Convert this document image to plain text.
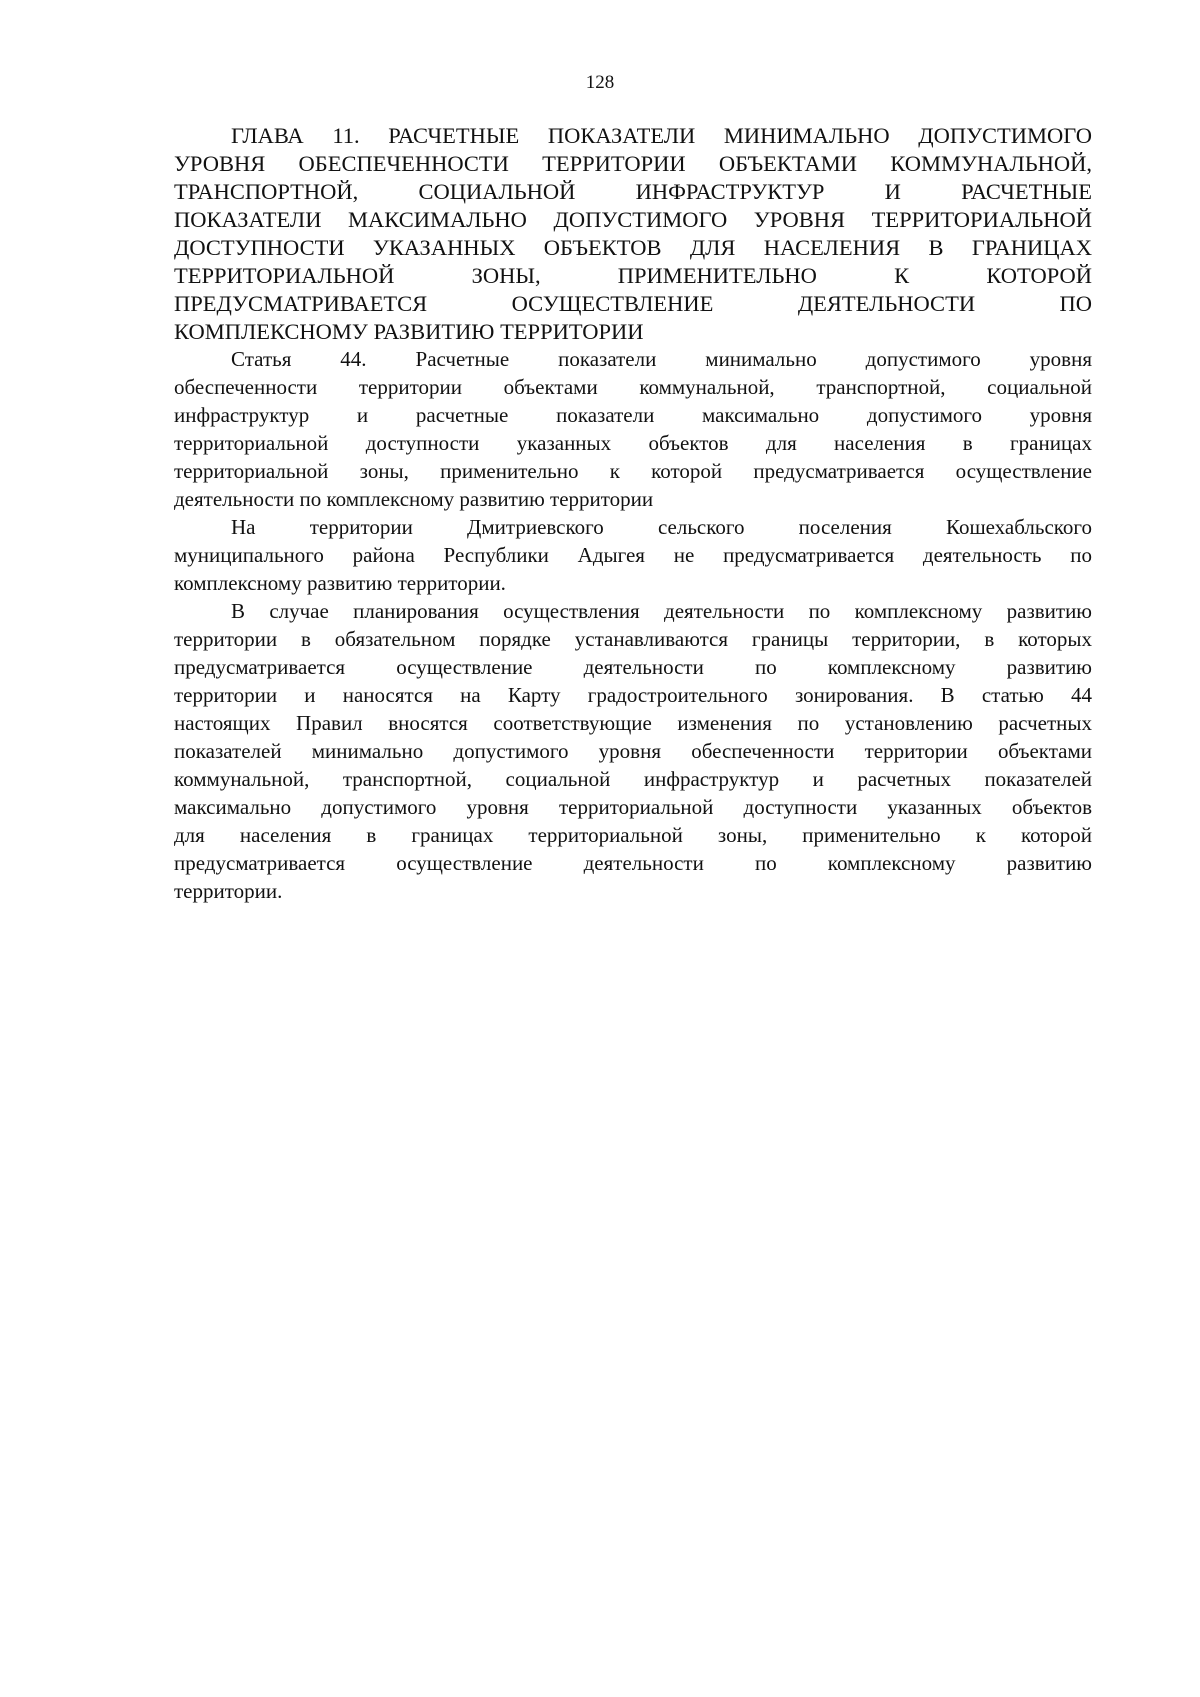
128
ГЛАВА 11. РАСЧЕТНЫЕ ПОКАЗАТЕЛИ МИНИМАЛЬНО ДОПУСТИМОГО
УРОВНЯ ОБЕСПЕЧЕННОСТИ ТЕРРИТОРИИ ОБЪЕКТАМИ КОММУНАЛЬНОЙ,
ТРАНСПОРТНОЙ, СОЦИАЛЬНОЙ ИНФРАСТРУКТУР И РАСЧЕТНЫЕ
ПОКАЗАТЕЛИ МАКСИМАЛЬНО ДОПУСТИМОГО УРОВНЯ ТЕРРИТОРИАЛЬНОЙ
ДОСТУПНОСТИ УКАЗАННЫХ ОБЪЕКТОВ ДЛЯ НАСЕЛЕНИЯ В ГРАНИЦАХ
ТЕРРИТОРИАЛЬНОЙ ЗОНЫ, ПРИМЕНИТЕЛЬНО К КОТОРОЙ
ПРЕДУСМАТРИВАЕТСЯ ОСУЩЕСТВЛЕНИЕ ДЕЯТЕЛЬНОСТИ ПО
КОМПЛЕКСНОМУ РАЗВИТИЮ ТЕРРИТОРИИ
Статья 44. Расчетные показатели минимально допустимого уровня
обеспеченности территории объектами коммунальной, транспортной, социальной
инфраструктур и расчетные показатели максимально допустимого уровня
территориальной доступности указанных объектов для населения в границах
территориальной зоны, применительно к которой предусматривается осуществление
деятельности по комплексному развитию территории
На территории Дмитриевского сельского поселения Кошехабльского
муниципального района Республики Адыгея не предусматривается деятельность по
комплексному развитию территории.
В случае планирования осуществления деятельности по комплексному развитию
территории в обязательном порядке устанавливаются границы территории, в которых
предусматривается осуществление деятельности по комплексному развитию
территории и наносятся на Карту градостроительного зонирования. В статью 44
настоящих Правил вносятся соответствующие изменения по установлению расчетных
показателей минимально допустимого уровня обеспеченности территории объектами
коммунальной, транспортной, социальной инфраструктур и расчетных показателей
максимально допустимого уровня территориальной доступности указанных объектов
для населения в границах территориальной зоны, применительно к которой
предусматривается осуществление деятельности по комплексному развитию
территории.
